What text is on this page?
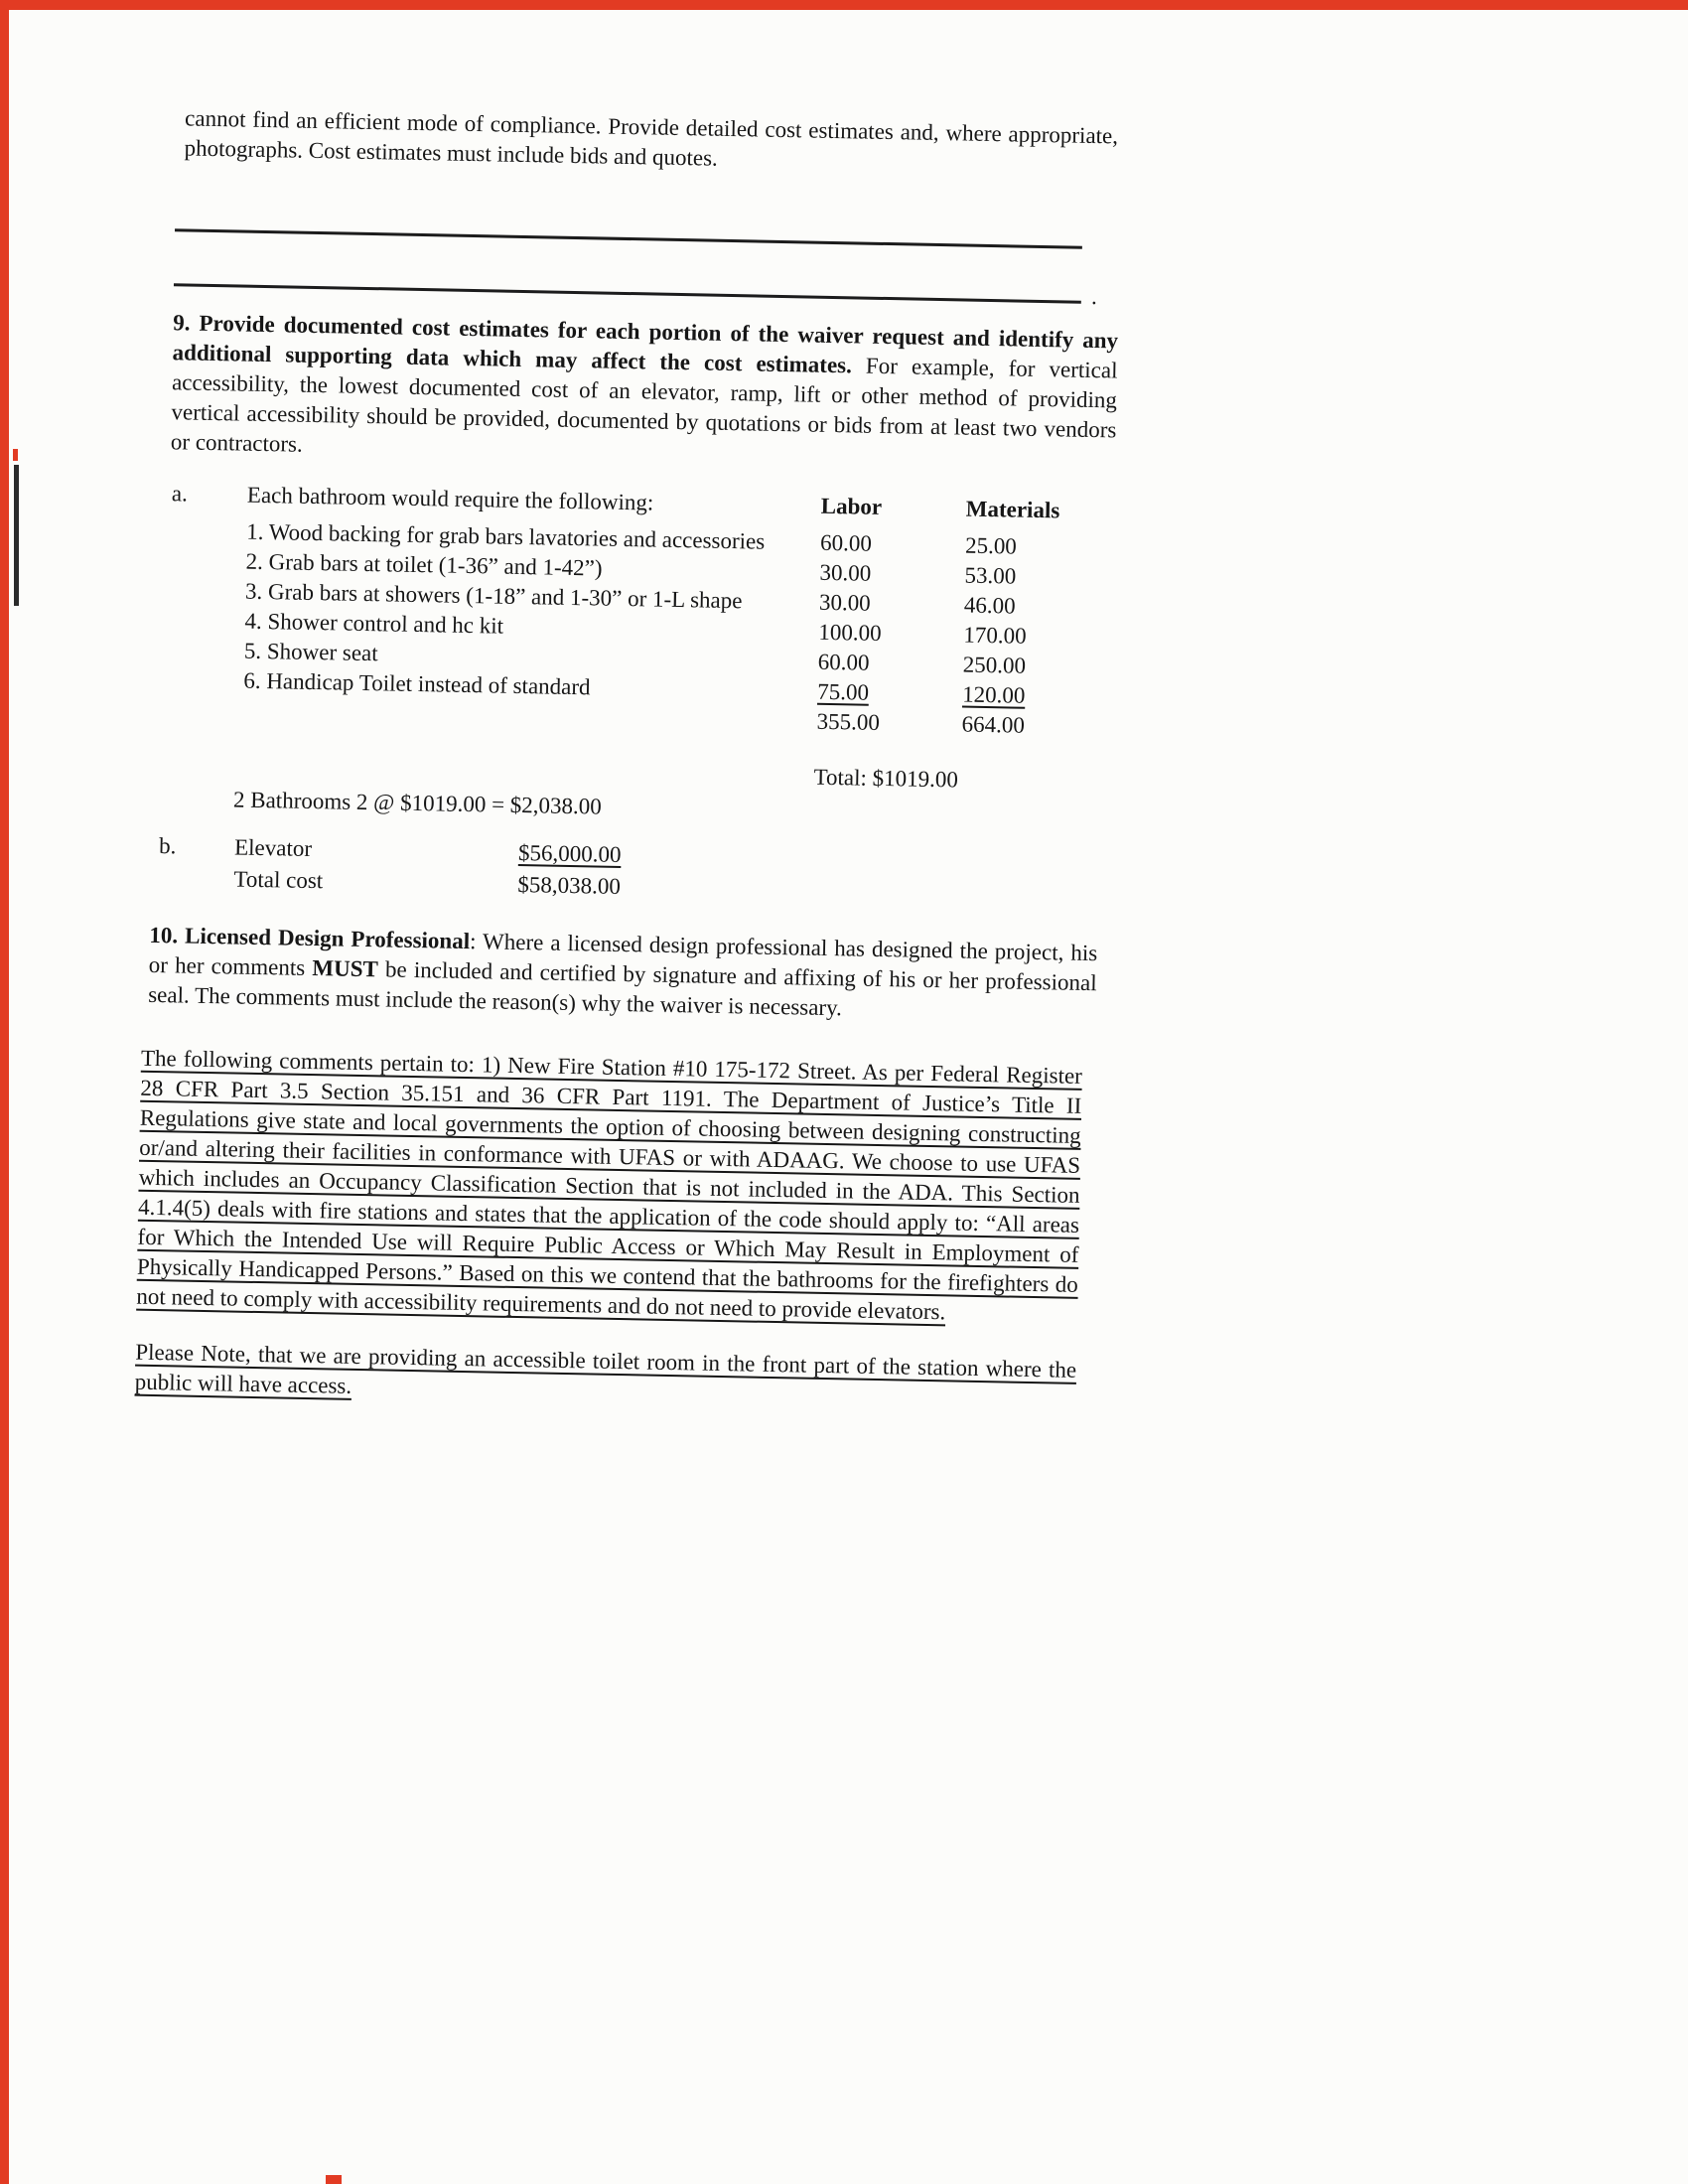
cannot find an efficient mode of compliance. Provide detailed cost estimates and, where appropriate, photographs. Cost estimates must include bids and quotes.

.

9. Provide documented cost estimates for each portion of the waiver request and identify any additional supporting data which may affect the cost estimates. For example, for vertical accessibility, the lowest documented cost of an elevator, ramp, lift or other method of providing vertical accessibility should be provided, documented by quotations or bids from at least two vendors or contractors.

a.	Each bathroom would require the following:	Labor	Materials
1. Wood backing for grab bars lavatories and accessories	60.00	25.00
2. Grab bars at toilet (1-36” and 1-42”)	30.00	53.00
3. Grab bars at showers (1-18” and 1-30” or 1-L shape	30.00	46.00
4. Shower control and hc kit	100.00	170.00
5. Shower seat	60.00	250.00
6. Handicap Toilet instead of standard	75.00	120.00
355.00	664.00

Total: $1019.00

2 Bathrooms 2 @ $1019.00 = $2,038.00

b.	Elevator	$56,000.00
Total cost	$58,038.00

10. Licensed Design Professional: Where a licensed design professional has designed the project, his or her comments MUST be included and certified by signature and affixing of his or her professional seal. The comments must include the reason(s) why the waiver is necessary.

The following comments pertain to: 1) New Fire Station #10 175-172 Street. As per Federal Register 28 CFR Part 3.5 Section 35.151 and 36 CFR Part 1191. The Department of Justice’s Title II Regulations give state and local governments the option of choosing between designing constructing or/and altering their facilities in conformance with UFAS or with ADAAG. We choose to use UFAS which includes an Occupancy Classification Section that is not included in the ADA. This Section 4.1.4(5) deals with fire stations and states that the application of the code should apply to: “All areas for Which the Intended Use will Require Public Access or Which May Result in Employment of Physically Handicapped Persons.” Based on this we contend that the bathrooms for the firefighters do not need to comply with accessibility requirements and do not need to provide elevators.

Please Note, that we are providing an accessible toilet room in the front part of the station where the public will have access.
